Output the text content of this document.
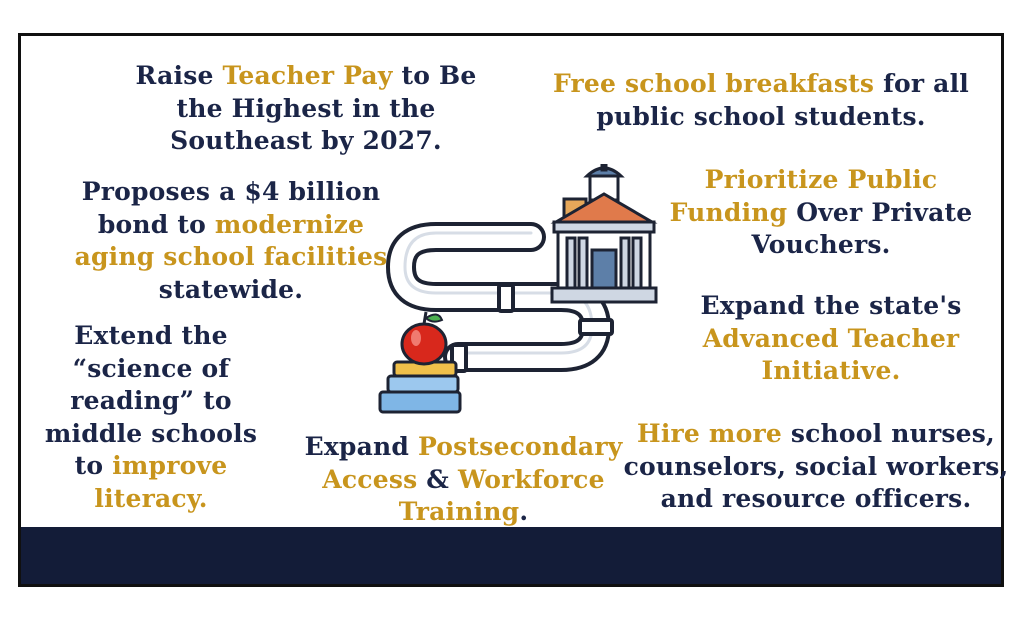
Raise Teacher Pay to Be
the Highest in the
Southeast by 2027.
Free school breakfasts for all
public school students.
Proposes a $4 billion
bond to modernize
aging school facilities
statewide.
Prioritize Public
Funding Over Private
Vouchers.
Extend the
“science of
reading” to
middle schools
to improve
literacy.
Expand the state's
Advanced Teacher
Initiative.
Expand Postsecondary
Access & Workforce
Training.
Hire more school nurses,
counselors, social workers,
and resource officers.
